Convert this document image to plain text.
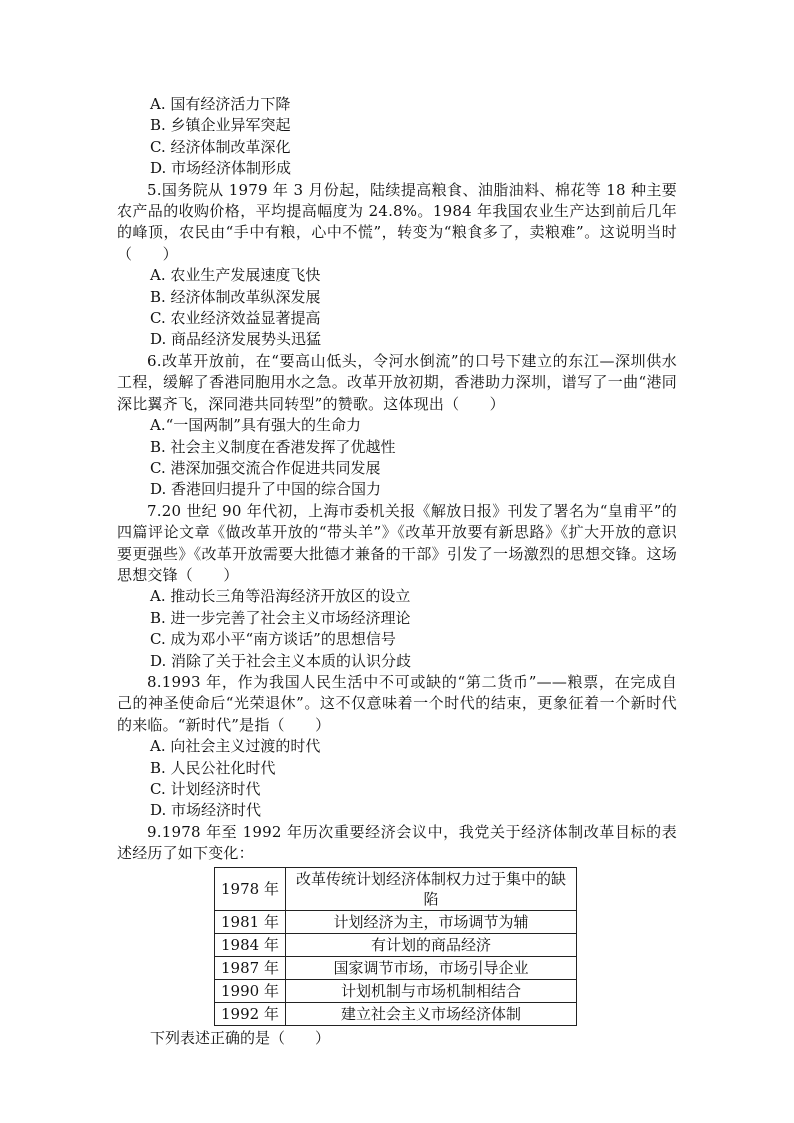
A. 国有经济活力下降
B. 乡镇企业异军突起
C. 经济体制改革深化
D. 市场经济体制形成
5.国务院从 1979 年 3 月份起，陆续提高粮食、油脂油料、棉花等 18 种主要农产品的收购价格，平均提高幅度为 24.8%。1984 年我国农业生产达到前后几年的峰顶，农民由“手中有粮，心中不慌”，转变为“粮食多了，卖粮难”。这说明当时（　　）
A. 农业生产发展速度飞快
B. 经济体制改革纵深发展
C. 农业经济效益显著提高
D. 商品经济发展势头迅猛
6.改革开放前，在“要高山低头，令河水倒流”的口号下建立的东江—深圳供水工程，缓解了香港同胞用水之急。改革开放初期，香港助力深圳，谱写了一曲“港同深比翼齐飞，深同港共同转型”的赞歌。这体现出（　　）
A.“一国两制”具有强大的生命力
B. 社会主义制度在香港发挥了优越性
C. 港深加强交流合作促进共同发展
D. 香港回归提升了中国的综合国力
7.20 世纪 90 年代初，上海市委机关报《解放日报》刊发了署名为“皇甫平”的四篇评论文章《做改革开放的“带头羊”》《改革开放要有新思路》《扩大开放的意识要更强些》《改革开放需要大批德才兼备的干部》引发了一场激烈的思想交锋。这场思想交锋（　　）
A. 推动长三角等沿海经济开放区的设立
B. 进一步完善了社会主义市场经济理论
C. 成为邓小平“南方谈话”的思想信号
D. 消除了关于社会主义本质的认识分歧
8.1993 年，作为我国人民生活中不可或缺的“第二货币”——粮票，在完成自己的神圣使命后“光荣退休”。这不仅意味着一个时代的结束，更象征着一个新时代的来临。“新时代”是指（　　）
A. 向社会主义过渡的时代
B. 人民公社化时代
C. 计划经济时代
D. 市场经济时代
9.1978 年至 1992 年历次重要经济会议中，我党关于经济体制改革目标的表述经历了如下变化：
1978 年	改革传统计划经济体制权力过于集中的缺陷
1981 年	计划经济为主，市场调节为辅
1984 年	有计划的商品经济
1987 年	国家调节市场，市场引导企业
1990 年	计划机制与市场机制相结合
1992 年	建立社会主义市场经济体制
下列表述正确的是（　　）
